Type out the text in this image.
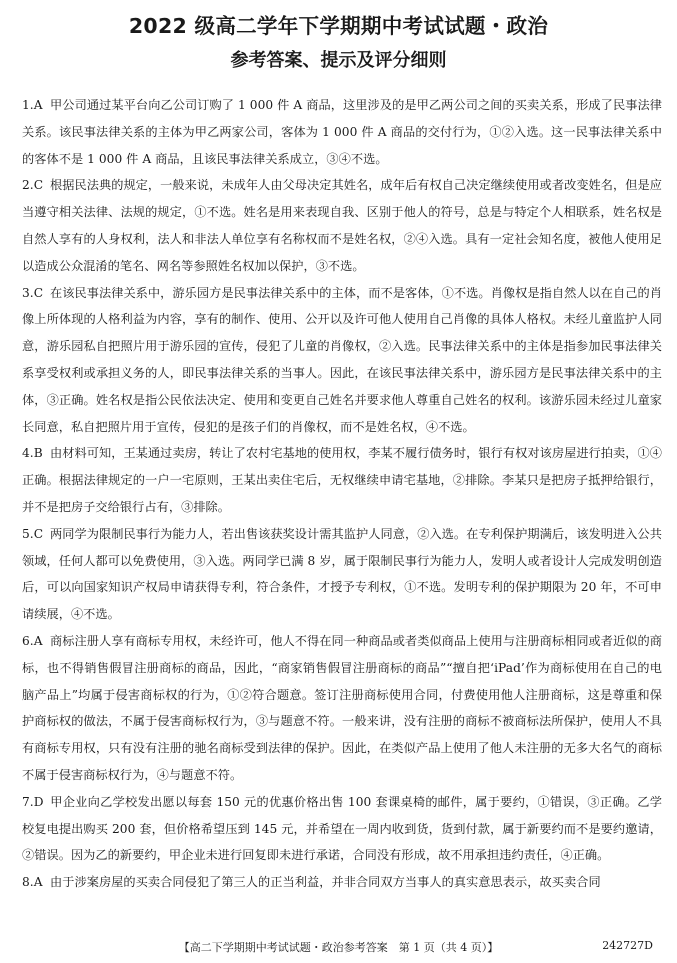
2022 级高二学年下学期期中考试试题・政治
参考答案、提示及评分细则

1.A 甲公司通过某平台向乙公司订购了 1 000 件 A 商品，这里涉及的是甲乙两公司之间的买卖关系，形成了民事法律关系。该民事法律关系的主体为甲乙两家公司，客体为 1 000 件 A 商品的交付行为，①②入选。这一民事法律关系中的客体不是 1 000 件 A 商品，且该民事法律关系成立，③④不选。

2.C 根据民法典的规定，一般来说，未成年人由父母决定其姓名，成年后有权自己决定继续使用或者改变姓名，但是应当遵守相关法律、法规的规定，①不选。姓名是用来表现自我、区别于他人的符号，总是与特定个人相联系，姓名权是自然人享有的人身权利，法人和非法人单位享有名称权而不是姓名权，②④入选。具有一定社会知名度，被他人使用足以造成公众混淆的笔名、网名等参照姓名权加以保护，③不选。

3.C 在该民事法律关系中，游乐园方是民事法律关系中的主体，而不是客体，①不选。肖像权是指自然人以在自己的肖像上所体现的人格利益为内容，享有的制作、使用、公开以及许可他人使用自己肖像的具体人格权。未经儿童监护人同意，游乐园私自把照片用于游乐园的宣传，侵犯了儿童的肖像权，②入选。民事法律关系中的主体是指参加民事法律关系享受权利或承担义务的人，即民事法律关系的当事人。因此，在该民事法律关系中，游乐园方是民事法律关系中的主体，③正确。姓名权是指公民依法决定、使用和变更自己姓名并要求他人尊重自己姓名的权利。该游乐园未经过儿童家长同意，私自把照片用于宣传，侵犯的是孩子们的肖像权，而不是姓名权，④不选。

4.B 由材料可知，王某通过卖房，转让了农村宅基地的使用权，李某不履行债务时，银行有权对该房屋进行拍卖，①④正确。根据法律规定的一户一宅原则，王某出卖住宅后，无权继续申请宅基地，②排除。李某只是把房子抵押给银行，并不是把房子交给银行占有，③排除。

5.C 两同学为限制民事行为能力人，若出售该获奖设计需其监护人同意，②入选。在专利保护期满后，该发明进入公共领域，任何人都可以免费使用，③入选。两同学已满 8 岁，属于限制民事行为能力人，发明人或者设计人完成发明创造后，可以向国家知识产权局申请获得专利，符合条件，才授予专利权，①不选。发明专利的保护期限为 20 年，不可申请续展，④不选。

6.A 商标注册人享有商标专用权，未经许可，他人不得在同一种商品或者类似商品上使用与注册商标相同或者近似的商标，也不得销售假冒注册商标的商品，因此，“商家销售假冒注册商标的商品”“擅自把‘iPad’作为商标使用在自己的电脑产品上”均属于侵害商标权的行为，①②符合题意。签订注册商标使用合同，付费使用他人注册商标，这是尊重和保护商标权的做法，不属于侵害商标权行为，③与题意不符。一般来讲，没有注册的商标不被商标法所保护，使用人不具有商标专用权，只有没有注册的驰名商标受到法律的保护。因此，在类似产品上使用了他人未注册的无多大名气的商标不属于侵害商标权行为，④与题意不符。

7.D 甲企业向乙学校发出愿以每套 150 元的优惠价格出售 100 套课桌椅的邮件，属于要约，①错误，③正确。乙学校复电提出购买 200 套，但价格希望压到 145 元，并希望在一周内收到货，货到付款，属于新要约而不是要约邀请，②错误。因为乙的新要约，甲企业未进行回复即未进行承诺，合同没有形成，故不用承担违约责任，④正确。

8.A 由于涉案房屋的买卖合同侵犯了第三人的正当利益，并非合同双方当事人的真实意思表示，故买卖合同

【高二下学期期中考试试题・政治参考答案　第 1 页（共 4 页）】	242727D
